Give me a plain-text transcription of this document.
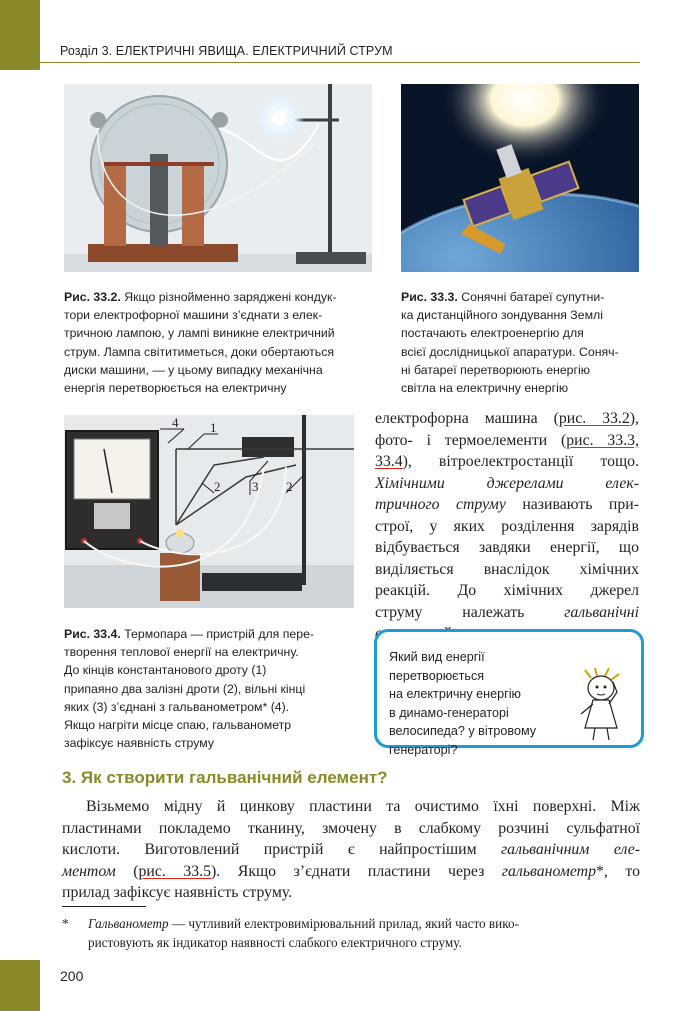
Розділ 3. ЕЛЕКТРИЧНІ ЯВИЩА. ЕЛЕКТРИЧНИЙ СТРУМ
Рис. 33.2. Якщо різнойменно заряджені кондук-
тори електрофорної машини з’єднати з елек-
тричною лампою, у лампі виникне електричний
струм. Лампа світитиметься, доки обертаються
диски машини, — у цьому випадку механічна
енергія перетворюється на електричну
Рис. 33.3. Сонячні батареї супутни-
ка дистанційного зондування Землі
постачають електроенергію для
всієї дослідницької апаратури. Соняч-
ні батареї перетворюють енергію
світла на електричну енергію
4 1
2 3 2
Рис. 33.4. Термопара — пристрій для пере-
творення теплової енергії на електричну.
До кінців константанового дроту (1)
припаяно два залізні дроти (2), вільні кінці
яких (3) з’єднані з гальванометром* (4).
Якщо нагріти місце спаю, гальванометр
зафіксує наявність струму
електрофорна машина (рис. 33.2),
фото- і термоелементи (рис. 33.3,
33.4), вітроелектростанції тощо.
Хімічними джерелами елек-
тричного струму називають при-
строї, у яких розділення зарядів
відбувається завдяки енергії, що
виділяється внаслідок хімічних
реакцій. До хімічних джерел
струму належать гальванічні
Який вид енергії перетворюється
на електричну енергію
в динамо-генераторі
велосипеда? у вітровому
генераторі?
3. Як створити гальванічний елемент?
Візьмемо мідну й цинкову пластини та очистимо їхні поверхні. Між
пластинами покладемо тканину, змочену в слабкому розчині сульфатної
кислоти. Виготовлений пристрій є найпростішим гальванічним еле-
ментом (рис. 33.5). Якщо з’єднати пластини через гальванометр*, то
прилад зафіксує наявність струму.
*	Гальванометр — чутливий електровимірювальний прилад, який часто вико-
ристовують як індикатор наявності слабкого електричного струму.
200
